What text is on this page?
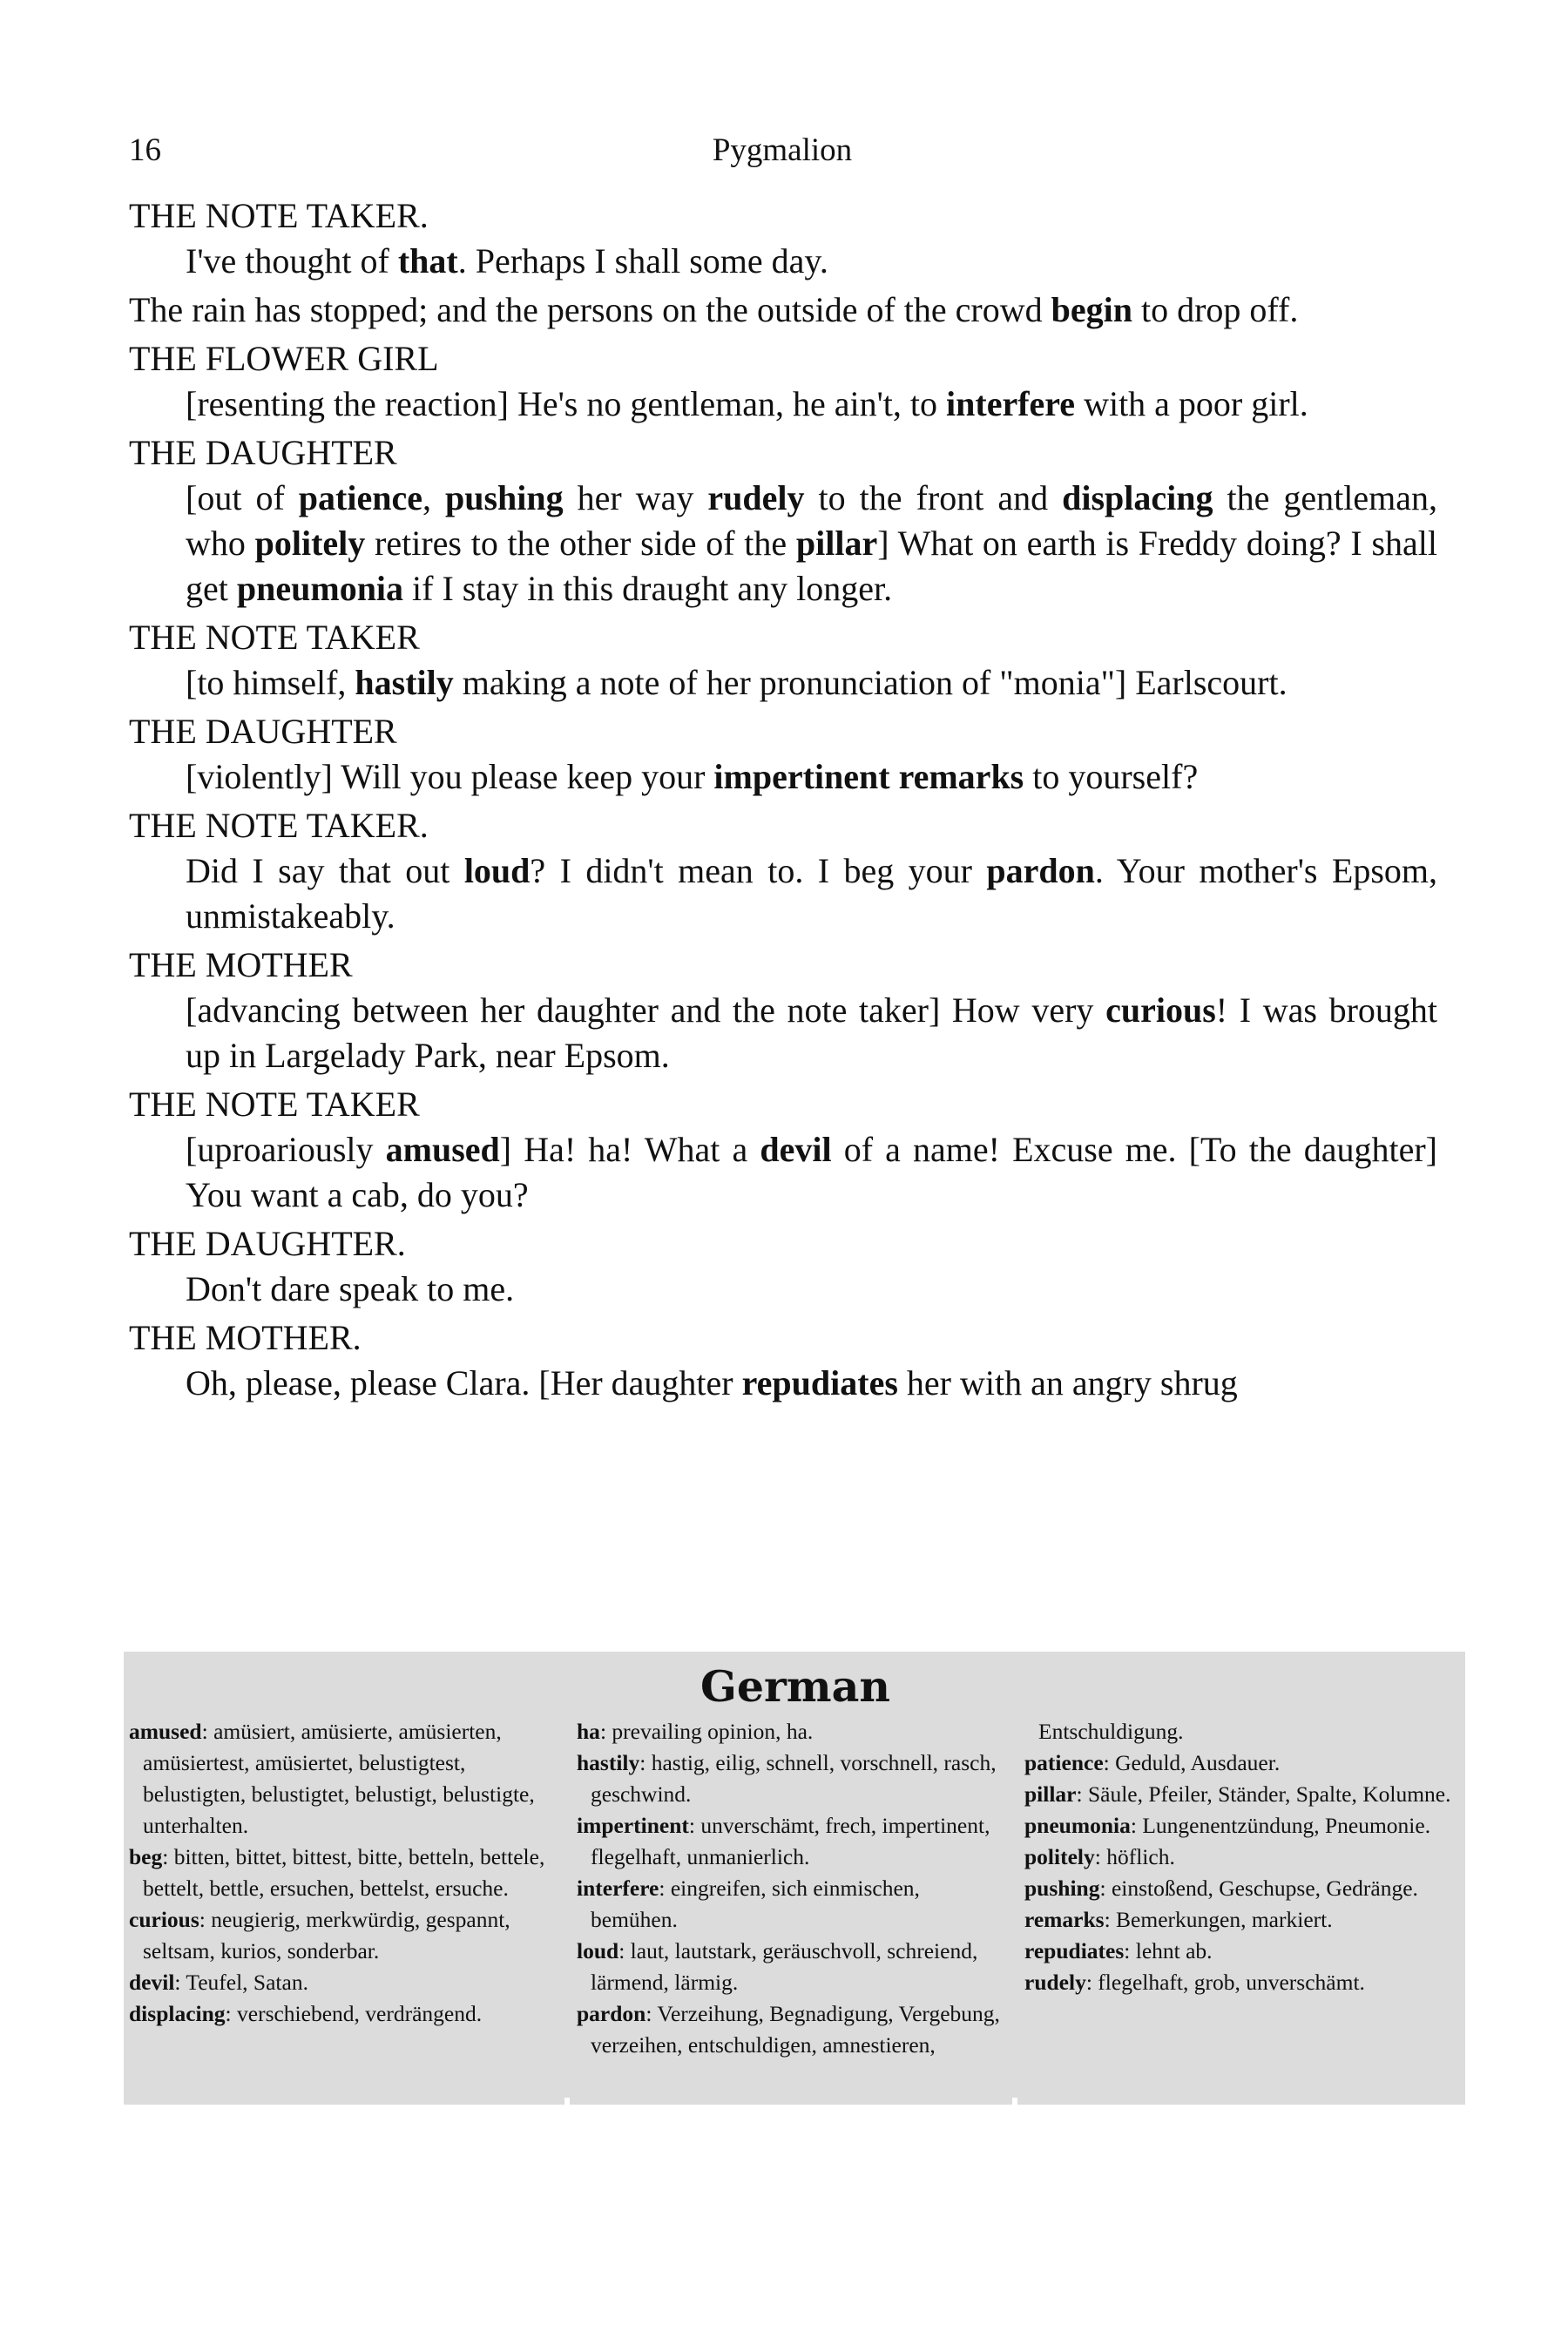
16	Pygmalion
THE NOTE TAKER.
I've thought of that. Perhaps I shall some day.
The rain has stopped; and the persons on the outside of the crowd begin to drop off.
THE FLOWER GIRL
[resenting the reaction] He's no gentleman, he ain't, to interfere with a poor girl.
THE DAUGHTER
[out of patience, pushing her way rudely to the front and displacing the gentleman, who politely retires to the other side of the pillar] What on earth is Freddy doing? I shall get pneumonia if I stay in this draught any longer.
THE NOTE TAKER
[to himself, hastily making a note of her pronunciation of "monia"] Earlscourt.
THE DAUGHTER
[violently] Will you please keep your impertinent remarks to yourself?
THE NOTE TAKER.
Did I say that out loud? I didn't mean to. I beg your pardon. Your mother's Epsom, unmistakeably.
THE MOTHER
[advancing between her daughter and the note taker] How very curious! I was brought up in Largelady Park, near Epsom.
THE NOTE TAKER
[uproariously amused] Ha! ha! What a devil of a name! Excuse me. [To the daughter] You want a cab, do you?
THE DAUGHTER.
Don't dare speak to me.
THE MOTHER.
Oh, please, please Clara. [Her daughter repudiates her with an angry shrug
German
amused: amüsiert, amüsierte, amüsierten, amüsiertest, amüsiertet, belustigtest, belustigten, belustigtet, belustigt, belustigte, unterhalten.
beg: bitten, bittet, bittest, bitte, betteln, bettele, bettelt, bettle, ersuchen, bettelst, ersuche.
curious: neugierig, merkwürdig, gespannt, seltsam, kurios, sonderbar.
devil: Teufel, Satan.
displacing: verschiebend, verdrängend.
ha: prevailing opinion, ha.
hastily: hastig, eilig, schnell, vorschnell, rasch, geschwind.
impertinent: unverschämt, frech, impertinent, flegelhaft, unmanierlich.
interfere: eingreifen, sich einmischen, bemühen.
loud: laut, lautstark, geräuschvoll, schreiend, lärmend, lärmig.
pardon: Verzeihung, Begnadigung, Vergebung, verzeihen, entschuldigen, amnestieren,
Entschuldigung.
patience: Geduld, Ausdauer.
pillar: Säule, Pfeiler, Ständer, Spalte, Kolumne.
pneumonia: Lungenentzündung, Pneumonie.
politely: höflich.
pushing: einstoßend, Geschupse, Gedränge.
remarks: Bemerkungen, markiert.
repudiates: lehnt ab.
rudely: flegelhaft, grob, unverschämt.
